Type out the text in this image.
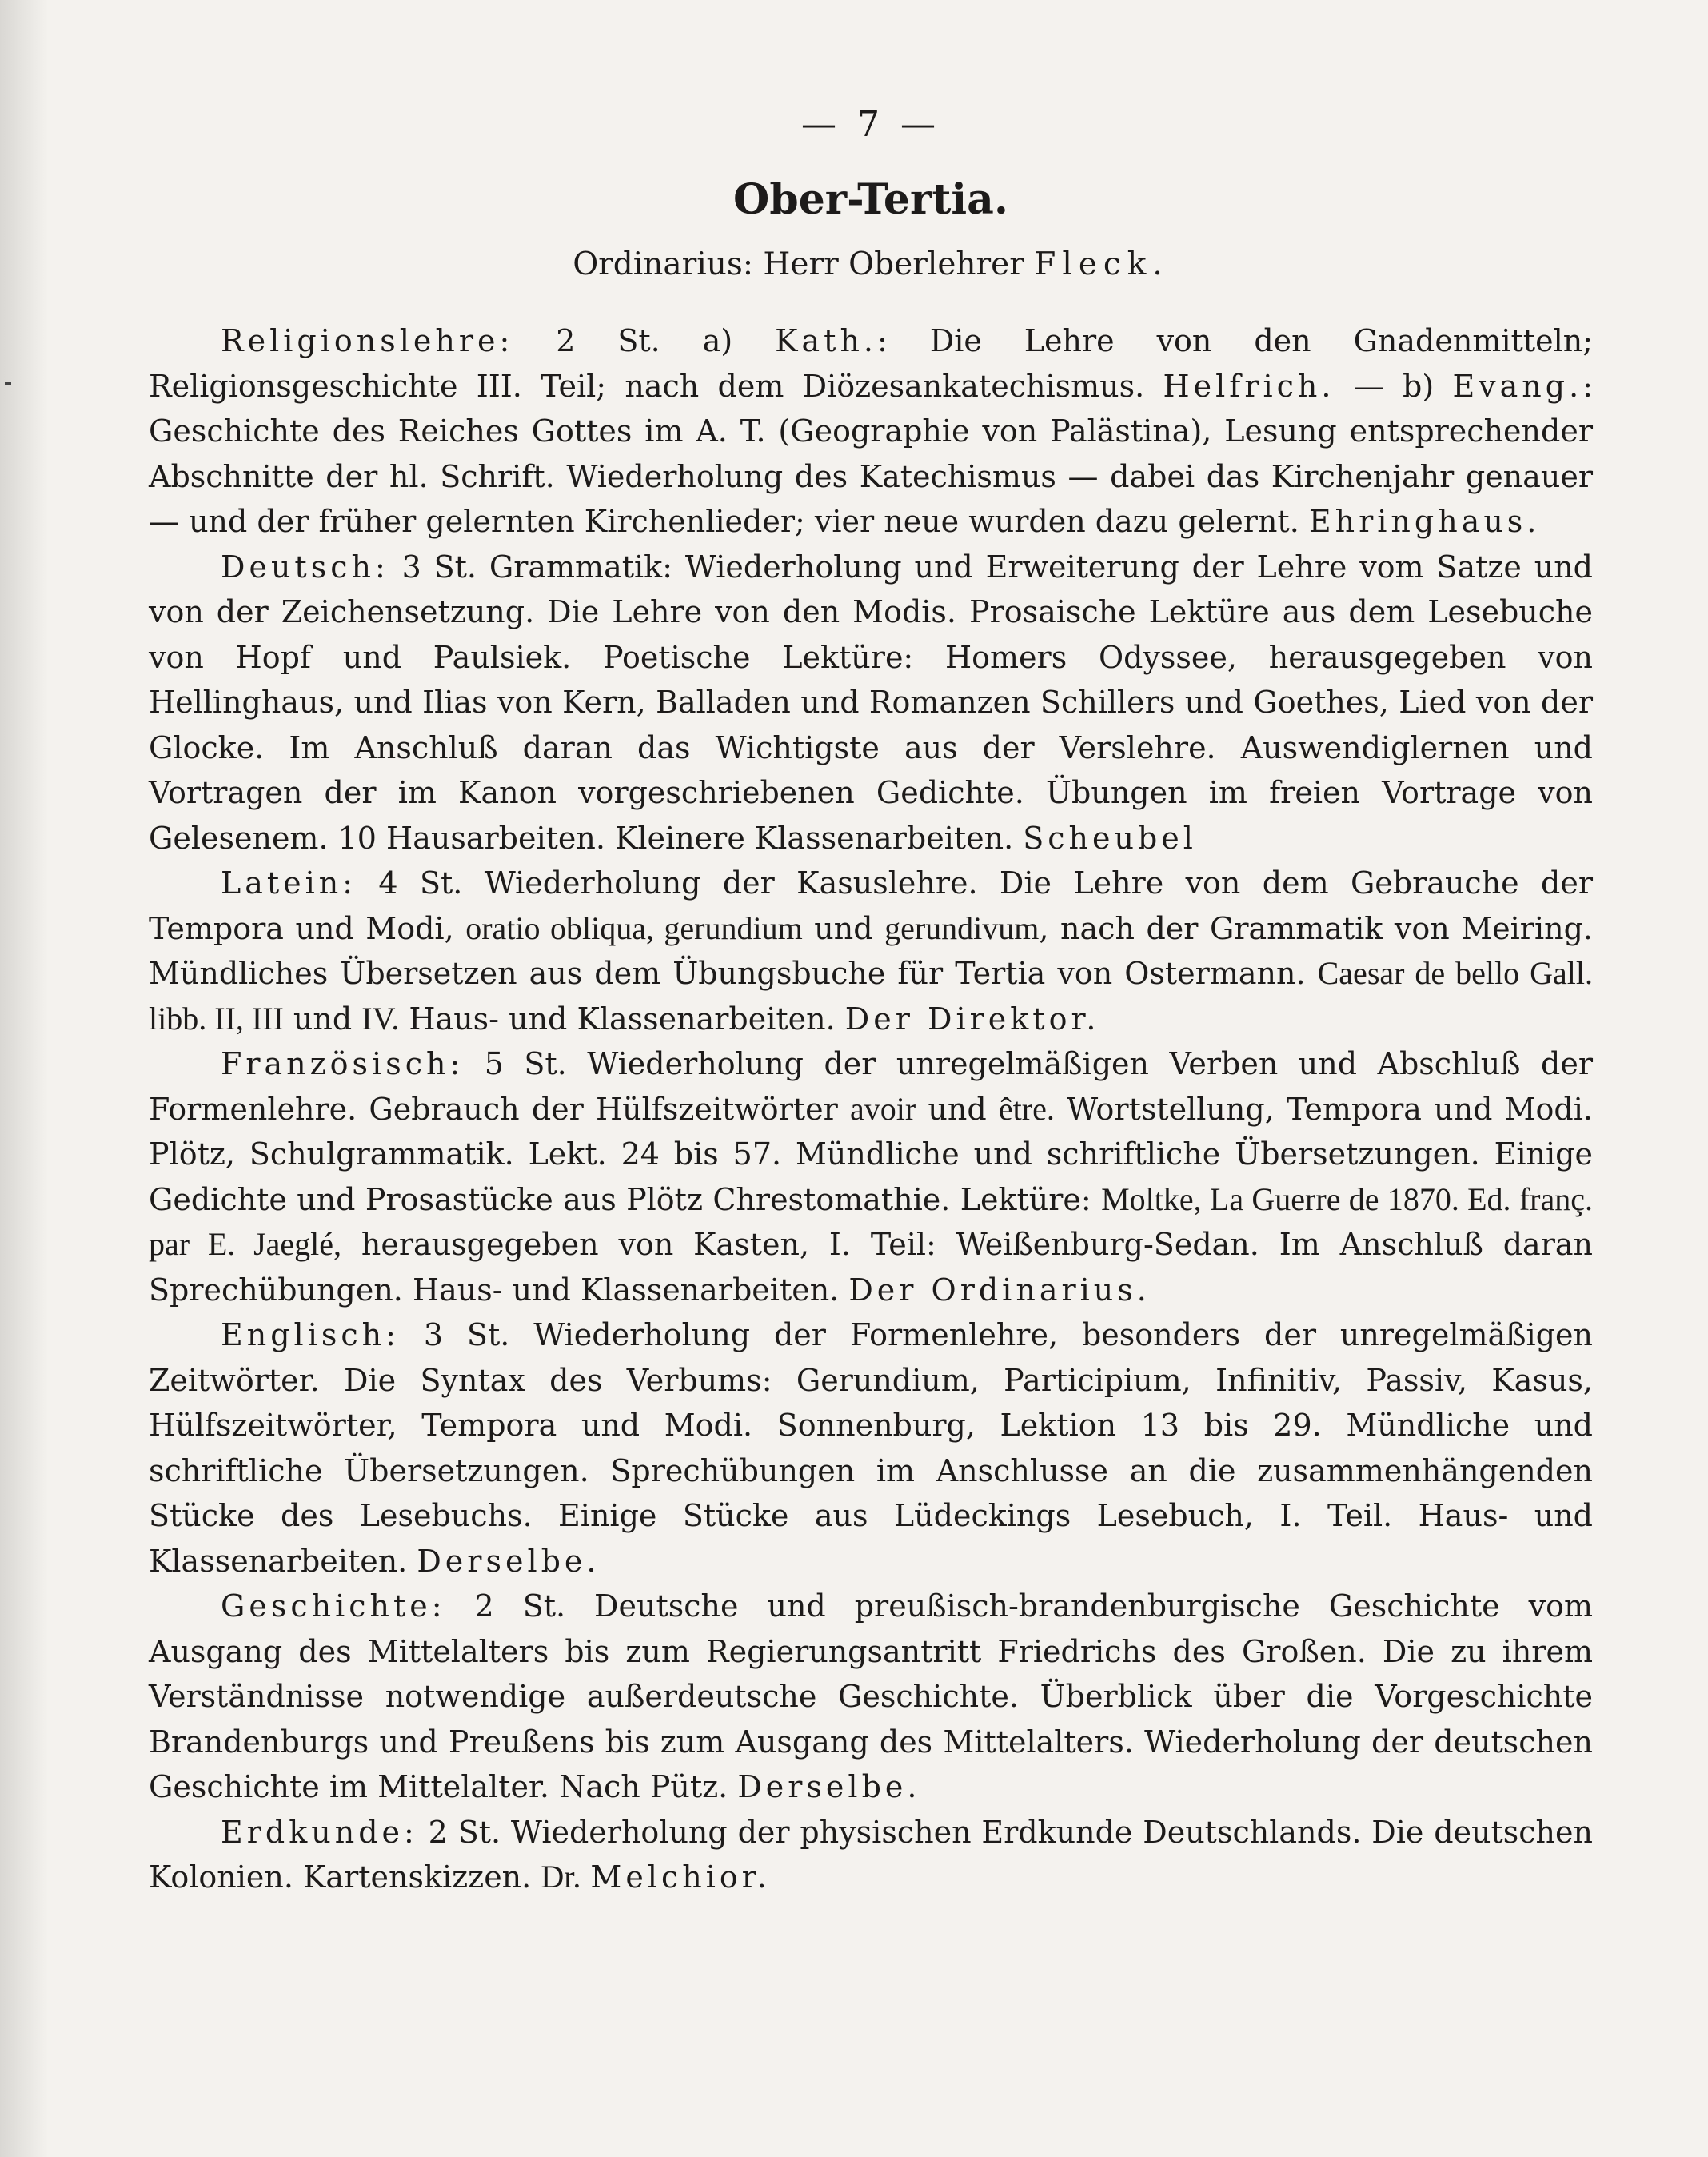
— 7 —

Ober-Tertia.

Ordinarius: Herr Oberlehrer Fleck.

Religionslehre: 2 St. a) Kath.: Die Lehre von den Gnadenmitteln; Religionsgeschichte III. Teil; nach dem Diözesankatechismus. Helfrich. — b) Evang.: Geschichte des Reiches Gottes im A. T. (Geographie von Palästina), Lesung entsprechender Abschnitte der hl. Schrift. Wiederholung des Katechismus — dabei das Kirchenjahr genauer — und der früher gelernten Kirchenlieder; vier neue wurden dazu gelernt. Ehringhaus.

Deutsch: 3 St. Grammatik: Wiederholung und Erweiterung der Lehre vom Satze und von der Zeichensetzung. Die Lehre von den Modis. Prosaische Lektüre aus dem Lesebuche von Hopf und Paulsiek. Poetische Lektüre: Homers Odyssee, herausgegeben von Hellinghaus, und Ilias von Kern, Balladen und Romanzen Schillers und Goethes, Lied von der Glocke. Im Anschluß daran das Wichtigste aus der Verslehre. Auswendiglernen und Vortragen der im Kanon vorgeschriebenen Gedichte. Übungen im freien Vortrage von Gelesenem. 10 Hausarbeiten. Kleinere Klassenarbeiten. Scheubel

Latein: 4 St. Wiederholung der Kasuslehre. Die Lehre von dem Gebrauche der Tempora und Modi, oratio obliqua, gerundium und gerundivum, nach der Grammatik von Meiring. Mündliches Übersetzen aus dem Übungsbuche für Tertia von Ostermann. Caesar de bello Gall. libb. II, III und IV. Haus- und Klassenarbeiten. Der Direktor.

Französisch: 5 St. Wiederholung der unregelmäßigen Verben und Abschluß der Formenlehre. Gebrauch der Hülfszeitwörter avoir und être. Wortstellung, Tempora und Modi. Plötz, Schulgrammatik. Lekt. 24 bis 57. Mündliche und schriftliche Übersetzungen. Einige Gedichte und Prosastücke aus Plötz Chrestomathie. Lektüre: Moltke, La Guerre de 1870. Ed. franç. par E. Jaeglé, herausgegeben von Kasten, I. Teil: Weißenburg-Sedan. Im Anschluß daran Sprechübungen. Haus- und Klassenarbeiten. Der Ordinarius.

Englisch: 3 St. Wiederholung der Formenlehre, besonders der unregelmäßigen Zeitwörter. Die Syntax des Verbums: Gerundium, Participium, Infinitiv, Passiv, Kasus, Hülfszeitwörter, Tempora und Modi. Sonnenburg, Lektion 13 bis 29. Mündliche und schriftliche Übersetzungen. Sprechübungen im Anschlusse an die zusammenhängenden Stücke des Lesebuchs. Einige Stücke aus Lüdeckings Lesebuch, I. Teil. Haus- und Klassenarbeiten. Derselbe.

Geschichte: 2 St. Deutsche und preußisch-brandenburgische Geschichte vom Ausgang des Mittelalters bis zum Regierungsantritt Friedrichs des Großen. Die zu ihrem Verständnisse notwendige außerdeutsche Geschichte. Überblick über die Vorgeschichte Brandenburgs und Preußens bis zum Ausgang des Mittelalters. Wiederholung der deutschen Geschichte im Mittelalter. Nach Pütz. Derselbe.

Erdkunde: 2 St. Wiederholung der physischen Erdkunde Deutschlands. Die deutschen Kolonien. Kartenskizzen. Dr. Melchior.
